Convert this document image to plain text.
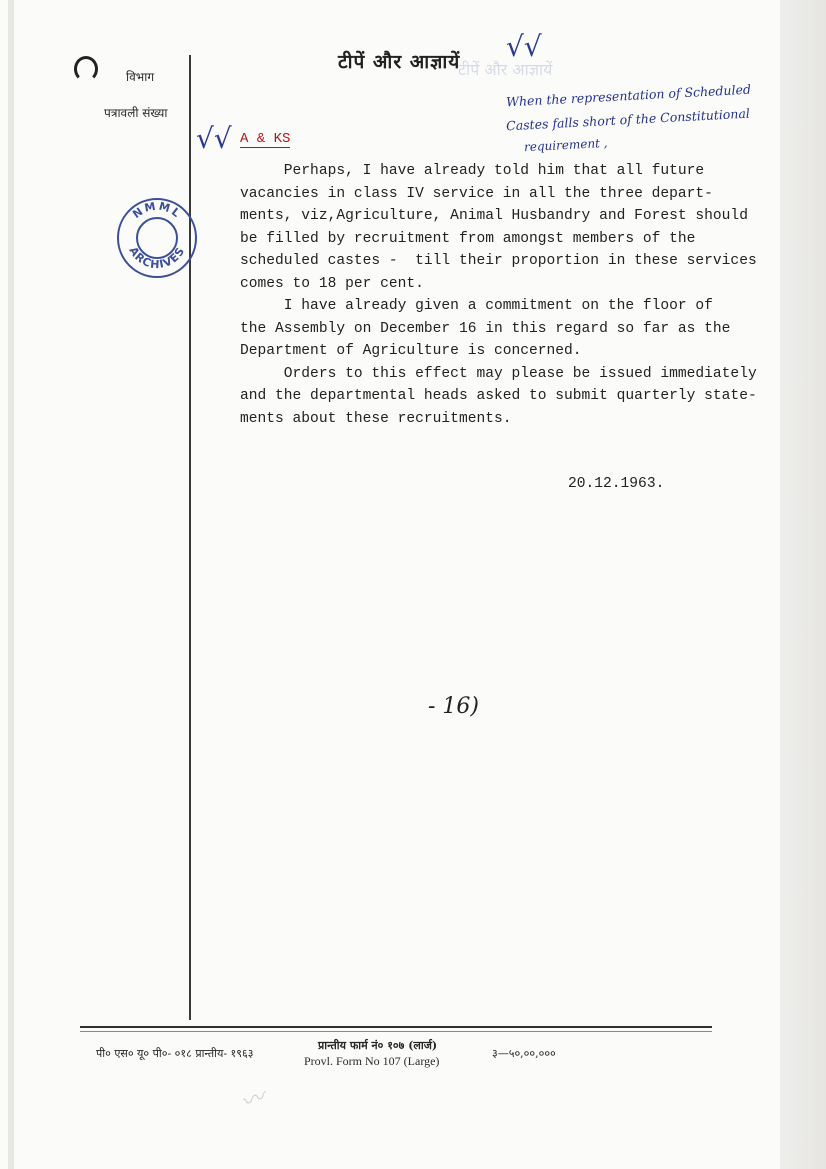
टीपें और आज्ञायें
टीपें और आज्ञायें
विभाग
पत्रावली संख्या
NMML
ARCHIVES
√√
√√
When the representation of Scheduled
Castes falls short of the Constitutional
requirement ,
A & KS
Perhaps, I have already told him that all future
vacancies in class IV service in all the three depart-
ments, viz,Agriculture, Animal Husbandry and Forest should
be filled by recruitment from amongst members of the
scheduled castes -  till their proportion in these services
comes to 18 per cent.
I have already given a commitment on the floor of
the Assembly on December 16 in this regard so far as the
Department of Agriculture is concerned.
Orders to this effect may please be issued immediately
and the departmental heads asked to submit quarterly state-
ments about these recruitments.
20.12.1963.
- 16)
पी० एस० यू० पी०- ०१८ प्रान्तीय- १९६३
प्रान्तीय फार्म नं० १०७ (लार्ज)
Provl. Form No 107 (Large)
३—५०,००,०००
〰
